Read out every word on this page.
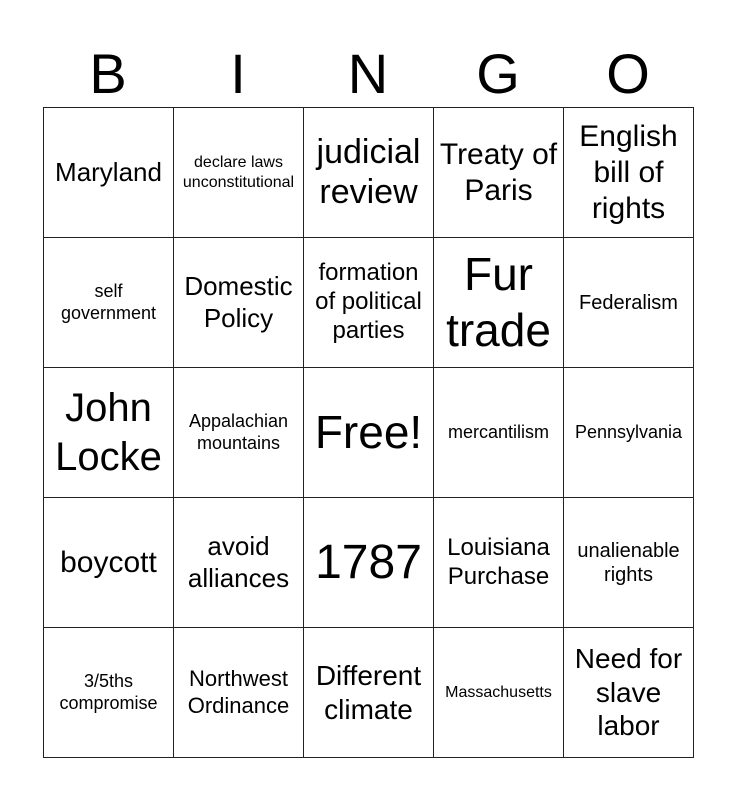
B	I	N	G	O
Maryland	declare laws unconstitutional	judicial review	Treaty of Paris	English bill of rights
self government	Domestic Policy	formation of political parties	Fur trade	Federalism
John Locke	Appalachian mountains	Free!	mercantilism	Pennsylvania
boycott	avoid alliances	1787	Louisiana Purchase	unalienable rights
3/5ths compromise	Northwest Ordinance	Different climate	Massachusetts	Need for slave labor
